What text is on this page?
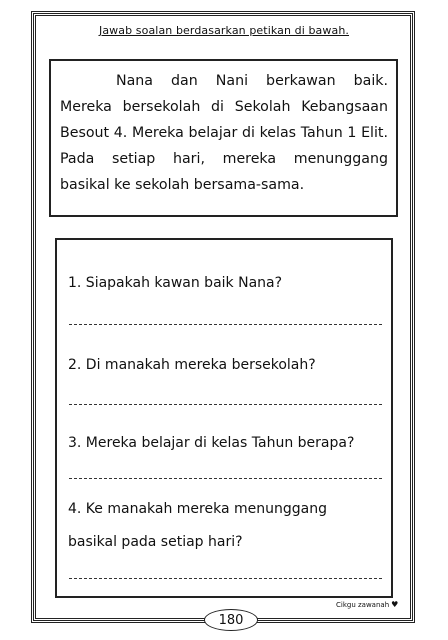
Jawab soalan berdasarkan petikan di bawah.

Nana dan Nani berkawan baik. Mereka bersekolah di Sekolah Kebangsaan Besout 4. Mereka belajar di kelas Tahun 1 Elit. Pada setiap hari, mereka menunggang basikal ke sekolah bersama-sama.

1. Siapakah kawan baik Nana?
2. Di manakah mereka bersekolah?
3. Mereka belajar di kelas Tahun berapa?
4. Ke manakah mereka menunggang
basikal pada setiap hari?
Cikgu zawanah ♥
180
